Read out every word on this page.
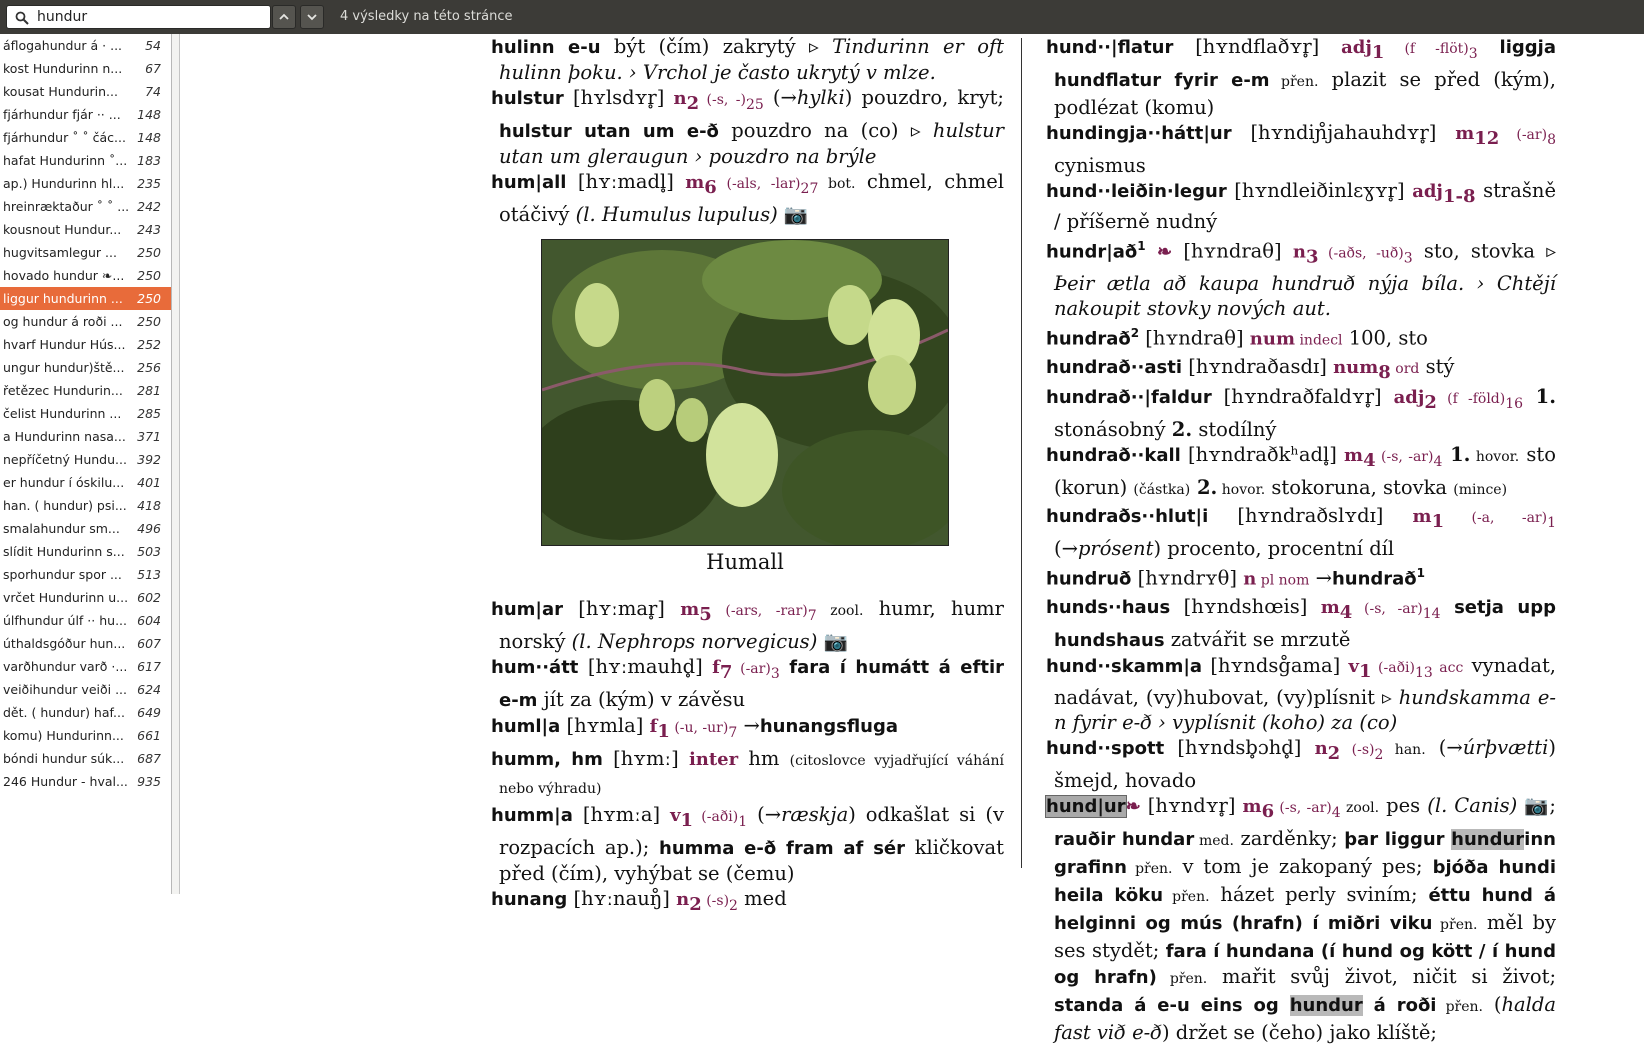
hundur
4 výsledky na této stránce
áflogahundur á · ...	54
kost Hundurinn n...	67
kousat Hundurin...	74
fjárhundur fjár ·· ...	148
fjárhundur ˚ ˚ čác... 148
hafat Hundurinn ˚... 183
ap.) Hundurinn hl...	235
hreinræktaður ˚ ˚ ... 242
kousnout Hundur...	243
hugvitsamlegur ...	250
hovado hundur ❧...	250
liggur hundurinn ...	250
og hundur á roði ...	250
hvarf Hundur Hús... 252
ungur hundur)ště...	256
řetězec Hundurin...	281
čelist Hundurinn ...	285
a Hundurinn nasa... 371
nepříčetný Hundu... 392
er hundur í óskilu...	401
han. ( hundur) psi... 418
smalahundur sm...	496
slídit Hundurinn s... 503
sporhundur spor ...	513
vrčet Hundurinn u... 602
úlfhundur úlf ·· hu... 604
úthaldsgóður hun... 607
varðhundur varð ·... 617
veiðihundur veiði ... 624
dět. ( hundur) haf... 649
komu) Hundurinn...	661
bóndi hundur súk...	687
246 Hundur - hval... 935

hulinn e-u být (čím) zakrytý ▹ Tindurinn er oft hulinn þoku. › Vrchol je často ukrytý v mlze.

hulstur [hʏlsdʏr̥] $n_2$ (-s, $-)_{25}$ (→hylki) pouzdro, kryt; hulstur utan um e-ð pouzdro na (co) ▹ hulstur utan um gleraugun › pouzdro na brýle

hum|all [hʏːmadl̥] $m_6$ (-als, $-lar)_{27}$ bot. chmel, chmel otáčivý (l. Humulus lupulus) 📷

Humall

hum|ar [hʏːmar̥] $m_5$ (-ars, $-rar)_7$ zool. humr, humr norský (l. Nephrops norvegicus) 📷

hum··átt [hʏːmauhd̥] $f_7$ $(-ar)_3$ fara í humátt á eftir e-m jít za (kým) v závěsu

huml|a [hʏmla] $f_1$ (-u, $-ur)_7$ →hunangsfluga

humm, hm [hʏmː] inter hm (citoslovce vyjadřující váhání nebo výhradu)

humm|a [hʏmːa] $v_1$ $(-aði)_1$ (→ræskja) odkašlat si (v rozpacích ap.); humma e-ð fram af sér kličkovat před (čím), vyhýbat se (čemu)

hunang [hʏːnauŋ̊] $n_2$ $(-s)_2$ med

hund··|flatur [hʏndflaðʏr̥] adj$_1$ (f $-flöt)_3$ liggja hundflatur fyrir e-m přen. plazit se před (kým), podlézat (komu)

hundingja··hátt|ur [hʏndiɲ̊jahauhdʏr̥] $m_{12}$ $(-ar)_8$ cynismus

hund··leiðin·legur [hʏndleiðinlɛɣʏr̥] adj$_{1-8}$ strašně / příšerně nudný

$hundr|að^1$ ❧ [hʏndraθ] $n_3$ (-aðs, $-uð)_3$ sto, stovka ▹ Þeir ætla að kaupa hundruð nýja bíla. › Chtějí nakoupit stovky nových aut.

hundrað$^2$ [hʏndraθ] num indecl 100, sto

hundrað··asti [hʏndraðasdɪ] num$_8$ ord stý

hundrað··|faldur [hʏndraðfaldʏr̥] adj$_2$ (f $-föld)_{16}$ 1. stonásobný 2. stodílný

hundrað··kall [hʏndraðkʰadl̥] $m_4$ (-s, $-ar)_4$ 1. hovor. sto (korun) (částka) 2. hovor. stokoruna, stovka (mince)

hundraðs··hlut|i [hʏndraðslʏdɪ] $m_1$ (-a, $-ar)_1$ (→prósent) procento, procentní díl

hundruð [hʏndrʏθ] n pl nom →hundrað$^1$

hunds··haus [hʏndshœis] $m_4$ (-s, $-ar)_{14}$ setja upp hundshaus zatvářit se mrzutě

hund··skamm|a [hʏndsg̊ama] $v_1$ $(-aði)_{13}$ acc vynadat, nadávat, (vy)hubovat, (vy)plísnit ▹ hundskamma e-n fyrir e-ð › vyplísnit (koho) za (co)

hund··spott [hʏndsb̥ɔhd̥] $n_2$ $(-s)_2$ han. (→úrþvætti) šmejd, hovado

hund|ur❧ [hʏndʏr̥] $m_6$ (-s, $-ar)_4$ zool. pes (l. Canis) 📷; rauðir hundar med. zarděnky; þar liggur hundurinn grafinn přen. v tom je zakopaný pes; bjóða hundi heila köku přen. házet perly sviním; éttu hund á helginni og mús (hrafn) í miðri viku přen. měl by ses stydět; fara í hundana (í hund og kött / í hund og hrafn) přen. mařit svůj život, ničit si život; standa á e-u eins og hundur á roði přen. (halda fast við e-ð) držet se (čeho) jako klíště;
